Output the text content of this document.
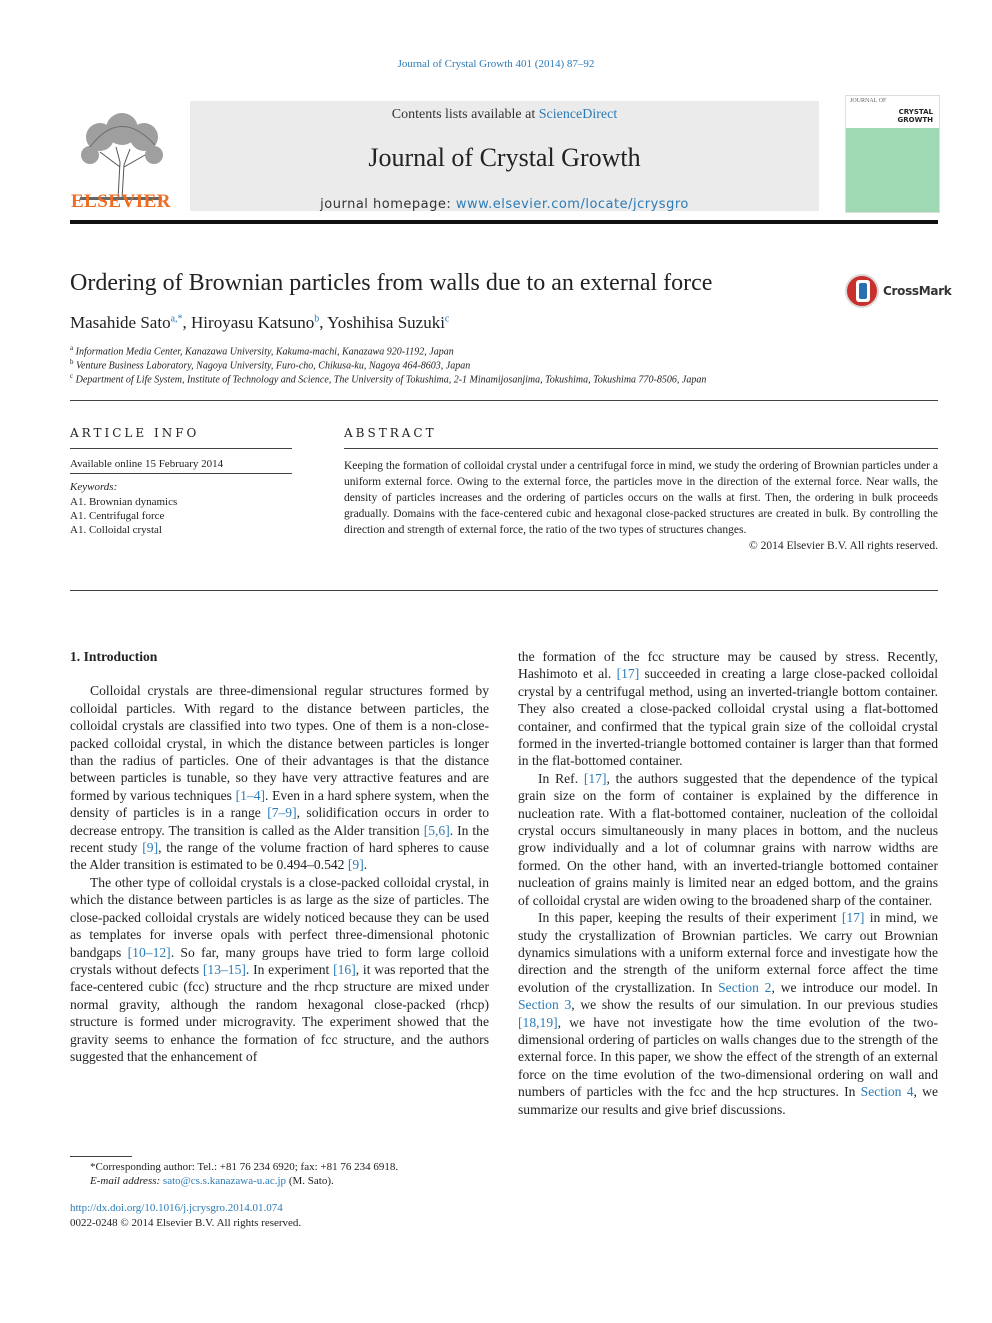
Journal of Crystal Growth 401 (2014) 87–92
ELSEVIER
Contents lists available at ScienceDirect
Journal of Crystal Growth
journal homepage: www.elsevier.com/locate/jcrysgro
JOURNAL OF
CRYSTAL
GROWTH
Ordering of Brownian particles from walls due to an external force	CrossMark
Masahide Sato$^{a,*}$, Hiroyasu Katsuno$^b$, Yoshihisa Suzuki$^c$
$^a$ Information Media Center, Kanazawa University, Kakuma-machi, Kanazawa 920-1192, Japan
$^b$ Venture Business Laboratory, Nagoya University, Furo-cho, Chikusa-ku, Nagoya 464-8603, Japan
$^c$ Department of Life System, Institute of Technology and Science, The University of Tokushima, 2-1 Minamijosanjima, Tokushima, Tokushima 770-8506, Japan
ARTICLE INFO
Available online 15 February 2014
Keywords:
A1. Brownian dynamics
A1. Centrifugal force
A1. Colloidal crystal
ABSTRACT
Keeping the formation of colloidal crystal under a centrifugal force in mind, we study the ordering of Brownian particles under a uniform external force. Owing to the external force, the particles move in the direction of the external force. Near walls, the density of particles increases and the ordering of particles occurs on the walls at first. Then, the ordering in bulk proceeds gradually. Domains with the face-centered cubic and hexagonal close-packed structures are created in bulk. By controlling the direction and strength of external force, the ratio of the two types of structures changes.
© 2014 Elsevier B.V. All rights reserved.
1. Introduction

Colloidal crystals are three-dimensional regular structures formed by colloidal particles. With regard to the distance between particles, the colloidal crystals are classified into two types. One of them is a non-close-packed colloidal crystal, in which the distance between particles is longer than the radius of particles. One of their advantages is that the distance between particles is tunable, so they have very attractive features and are formed by various techniques [1–4]. Even in a hard sphere system, when the density of particles is in a range [7–9], solidification occurs in order to decrease entropy. The transition is called as the Alder transition [5,6]. In the recent study [9], the range of the volume fraction of hard spheres to cause the Alder transition is estimated to be 0.494–0.542 [9].

The other type of colloidal crystals is a close-packed colloidal crystal, in which the distance between particles is as large as the size of particles. The close-packed colloidal crystals are widely noticed because they can be used as templates for inverse opals with perfect three-dimensional photonic bandgaps [10–12]. So far, many groups have tried to form large colloid crystals without defects [13–15]. In experiment [16], it was reported that the face-centered cubic (fcc) structure and the rhcp structure are mixed under normal gravity, although the random hexagonal close-packed (rhcp) structure is formed under microgravity. The experiment showed that the gravity seems to enhance the formation of fcc structure, and the authors suggested that the enhancement of

the formation of the fcc structure may be caused by stress. Recently, Hashimoto et al. [17] succeeded in creating a large close-packed colloidal crystal by a centrifugal method, using an inverted-triangle bottom container. They also created a close-packed colloidal crystal using a flat-bottomed container, and confirmed that the typical grain size of the colloidal crystal formed in the inverted-triangle bottomed container is larger than that formed in the flat-bottomed container.

In Ref. [17], the authors suggested that the dependence of the typical grain size on the form of container is explained by the difference in nucleation rate. With a flat-bottomed container, nucleation of the colloidal crystal occurs simultaneously in many places in bottom, and the nucleus grow individually and a lot of columnar grains with narrow widths are formed. On the other hand, with an inverted-triangle bottomed container nucleation of grains mainly is limited near an edged bottom, and the grains of colloidal crystal are widen owing to the broadened sharp of the container.

In this paper, keeping the results of their experiment [17] in mind, we study the crystallization of Brownian particles. We carry out Brownian dynamics simulations with a uniform external force and investigate how the direction and the strength of the uniform external force affect the time evolution of the crystallization. In Section 2, we introduce our model. In Section 3, we show the results of our simulation. In our previous studies [18,19], we have not investigate how the time evolution of the two-dimensional ordering of particles on walls changes due to the strength of the external force. In this paper, we show the effect of the strength of an external force on the time evolution of the two-dimensional ordering on wall and numbers of particles with the fcc and the hcp structures. In Section 4, we summarize our results and give brief discussions.

*Corresponding author: Tel.: +81 76 234 6920; fax: +81 76 234 6918.
E-mail address: sato@cs.s.kanazawa-u.ac.jp (M. Sato).
http://dx.doi.org/10.1016/j.jcrysgro.2014.01.074
0022-0248 © 2014 Elsevier B.V. All rights reserved.
